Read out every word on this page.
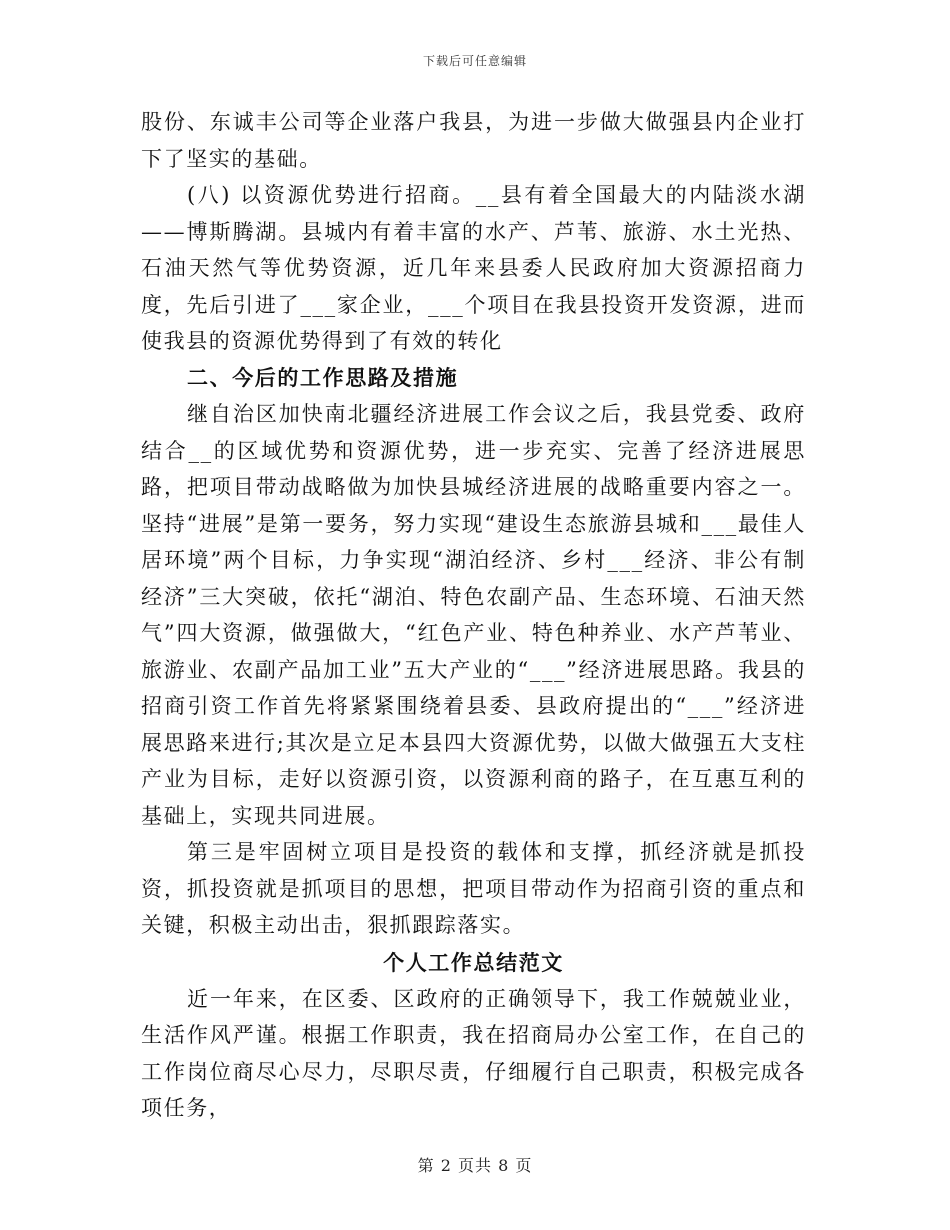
下载后可任意编辑

股份、东诚丰公司等企业落户我县，为进一步做大做强县内企业打下了坚实的基础。

(八) 以资源优势进行招商。__县有着全国最大的内陆淡水湖——博斯腾湖。县城内有着丰富的水产、芦苇、旅游、水土光热、石油天然气等优势资源，近几年来县委人民政府加大资源招商力度，先后引进了___家企业，___个项目在我县投资开发资源，进而使我县的资源优势得到了有效的转化

二、今后的工作思路及措施

继自治区加快南北疆经济进展工作会议之后，我县党委、政府结合__的区域优势和资源优势，进一步充实、完善了经济进展思路，把项目带动战略做为加快县城经济进展的战略重要内容之一。坚持“进展”是第一要务，努力实现“建设生态旅游县城和___最佳人居环境”两个目标，力争实现“湖泊经济、乡村___经济、非公有制经济”三大突破，依托“湖泊、特色农副产品、生态环境、石油天然气”四大资源，做强做大，“红色产业、特色种养业、水产芦苇业、旅游业、农副产品加工业”五大产业的“___”经济进展思路。我县的招商引资工作首先将紧紧围绕着县委、县政府提出的“___”经济进展思路来进行;其次是立足本县四大资源优势，以做大做强五大支柱产业为目标，走好以资源引资，以资源利商的路子，在互惠互利的基础上，实现共同进展。

第三是牢固树立项目是投资的载体和支撑，抓经济就是抓投资，抓投资就是抓项目的思想，把项目带动作为招商引资的重点和关键，积极主动出击，狠抓跟踪落实。

个人工作总结范文

近一年来，在区委、区政府的正确领导下，我工作兢兢业业，生活作风严谨。根据工作职责，我在招商局办公室工作，在自己的工作岗位商尽心尽力，尽职尽责，仔细履行自己职责，积极完成各项任务，

第 2 页共 8 页
